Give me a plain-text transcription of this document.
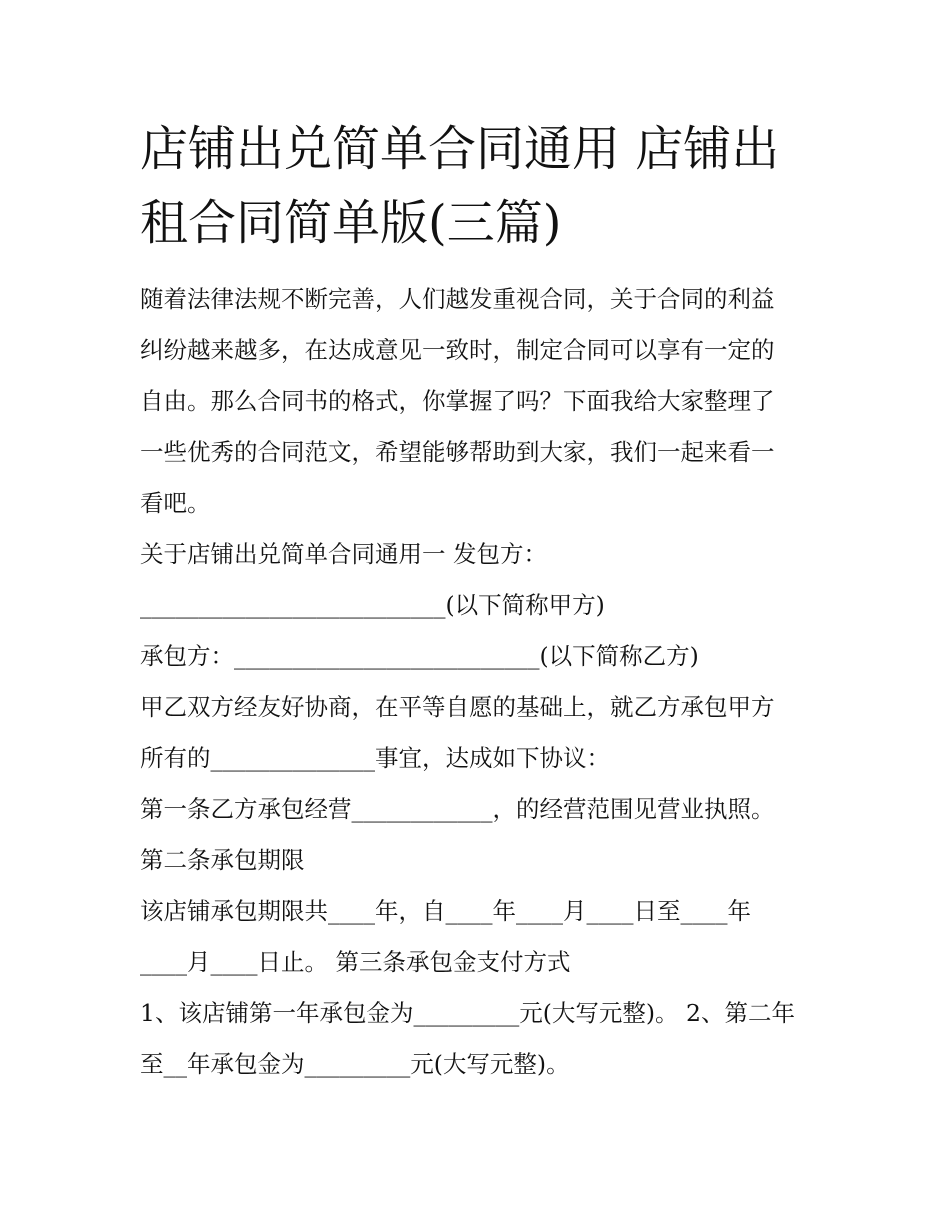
店铺出兑简单合同通用 店铺出
租合同简单版(三篇)

随着法律法规不断完善，人们越发重视合同，关于合同的利益

纠纷越来越多，在达成意见一致时，制定合同可以享有一定的

自由。那么合同书的格式，你掌握了吗？下面我给大家整理了

一些优秀的合同范文，希望能够帮助到大家，我们一起来看一

看吧。

关于店铺出兑简单合同通用一 发包方：

__________________________(以下简称甲方)

承包方：__________________________(以下简称乙方)

甲乙双方经友好协商，在平等自愿的基础上，就乙方承包甲方

所有的______________事宜，达成如下协议：

第一条乙方承包经营____________，的经营范围见营业执照。

第二条承包期限

该店铺承包期限共____年，自____年____月____日至____年

____月____日止。 第三条承包金支付方式

1、该店铺第一年承包金为_________元(大写元整)。 2、第二年

至__年承包金为_________元(大写元整)。
